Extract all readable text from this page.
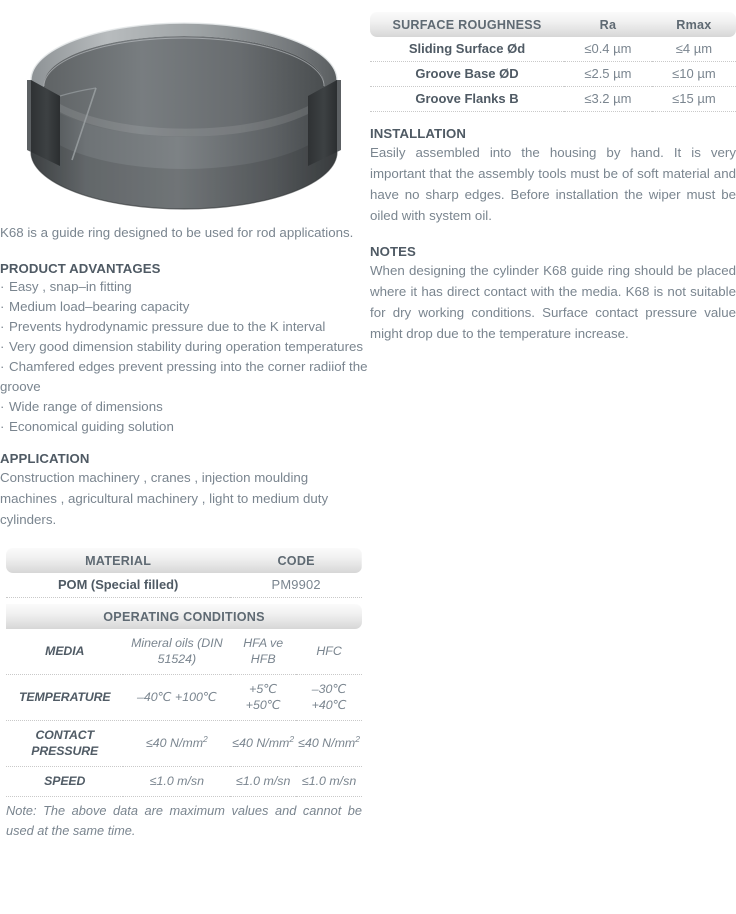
K68 is a guide ring designed to be used for rod applications.

PRODUCT ADVANTAGES
· Easy , snap–in fitting
· Medium load–bearing capacity
· Prevents hydrodynamic pressure due to the K interval
· Very good dimension stability during operation temperatures
· Chamfered edges prevent pressing into the corner radiiof the groove
· Wide range of dimensions
· Economical guiding solution
APPLICATION

Construction machinery , cranes , injection moulding machines , agricultural machinery , light to medium duty cylinders.

MATERIAL	CODE
POM (Special filled)	PM9902
OPERATING CONDITIONS			
MEDIA	Mineral oils (DIN 51524)	HFA ve HFB	HFC
TEMPERATURE	–40℃ +100℃	+5℃ +50℃	–30℃ +40℃
CONTACT PRESSURE	≤40 $N/mm^2$	≤40 $N/mm^2$	≤40 $N/mm^2$
SPEED	≤1.0 m/sn	≤1.0 m/sn	≤1.0 m/sn
Note: The above data are maximum values and cannot be used at the same time.
SURFACE ROUGHNESS	Ra	Rmax
Sliding Surface Ød	≤0.4 µm	≤4 µm
Groove Base ØD	≤2.5 µm	≤10 µm
Groove Flanks B	≤3.2 µm	≤15 µm
INSTALLATION

Easily assembled into the housing by hand. It is very important that the assembly tools must be of soft material and have no sharp edges. Before installation the wiper must be oiled with system oil.

NOTES

When designing the cylinder K68 guide ring should be placed where it has direct contact with the media. K68 is not suitable for dry working conditions. Surface contact pressure value might drop due to the temperature increase.
